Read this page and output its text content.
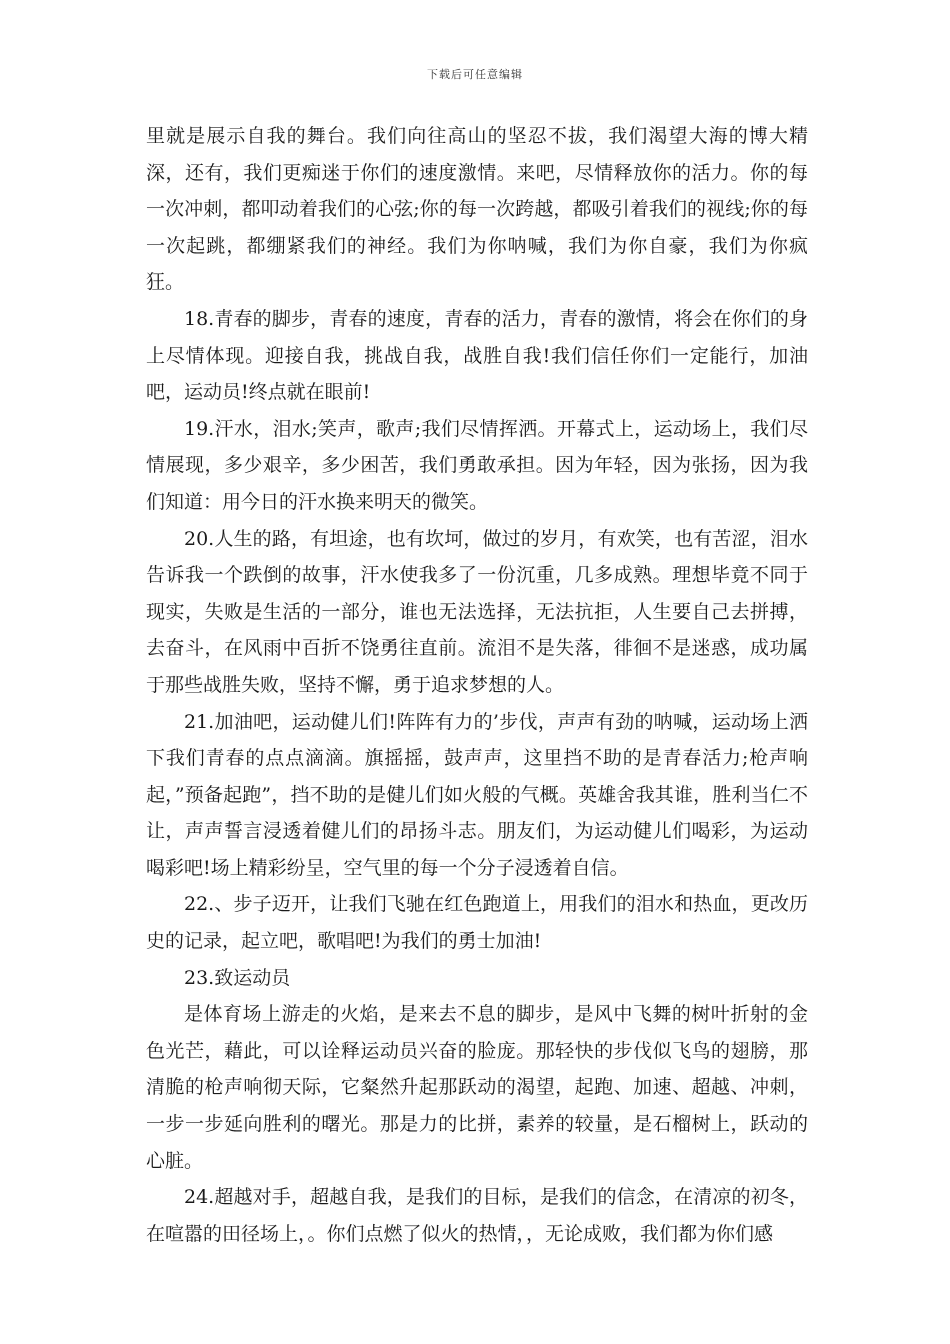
下载后可任意编辑

里就是展示自我的舞台。我们向往高山的坚忍不拔，我们渴望大海的博大精深，还有，我们更痴迷于你们的速度激情。来吧，尽情释放你的活力。你的每一次冲刺，都叩动着我们的心弦;你的每一次跨越，都吸引着我们的视线;你的每一次起跳，都绷紧我们的神经。我们为你呐喊，我们为你自豪，我们为你疯狂。

18.青春的脚步，青春的速度，青春的活力，青春的激情，将会在你们的身上尽情体现。迎接自我，挑战自我，战胜自我!我们信任你们一定能行，加油吧，运动员!终点就在眼前!

19.汗水，泪水;笑声，歌声;我们尽情挥洒。开幕式上，运动场上，我们尽情展现，多少艰辛，多少困苦，我们勇敢承担。因为年轻，因为张扬，因为我们知道：用今日的汗水换来明天的微笑。

20.人生的路，有坦途，也有坎坷，做过的岁月，有欢笑，也有苦涩，泪水告诉我一个跌倒的故事，汗水使我多了一份沉重，几多成熟。理想毕竟不同于现实，失败是生活的一部分，谁也无法选择，无法抗拒，人生要自己去拼搏，去奋斗，在风雨中百折不饶勇往直前。流泪不是失落，徘徊不是迷惑，成功属于那些战胜失败，坚持不懈，勇于追求梦想的人。

21.加油吧，运动健儿们!阵阵有力的’步伐，声声有劲的呐喊，运动场上洒下我们青春的点点滴滴。旗摇摇，鼓声声，这里挡不助的是青春活力;枪声响起，”预备起跑”，挡不助的是健儿们如火般的气概。英雄舍我其谁，胜利当仁不让，声声誓言浸透着健儿们的昂扬斗志。朋友们，为运动健儿们喝彩，为运动喝彩吧!场上精彩纷呈，空气里的每一个分子浸透着自信。

22.、步子迈开，让我们飞驰在红色跑道上，用我们的泪水和热血，更改历史的记录，起立吧，歌唱吧!为我们的勇士加油!

23.致运动员

是体育场上游走的火焰，是来去不息的脚步，是风中飞舞的树叶折射的金色光芒，藉此，可以诠释运动员兴奋的脸庞。那轻快的步伐似飞鸟的翅膀，那清脆的枪声响彻天际，它粲然升起那跃动的渴望，起跑、加速、超越、冲刺，一步一步延向胜利的曙光。那是力的比拼，素养的较量，是石榴树上，跃动的心脏。

24.超越对手，超越自我，是我们的目标，是我们的信念，在清凉的初冬，在喧嚣的田径场上，。你们点燃了似火的热情，，无论成败，我们都为你们感
